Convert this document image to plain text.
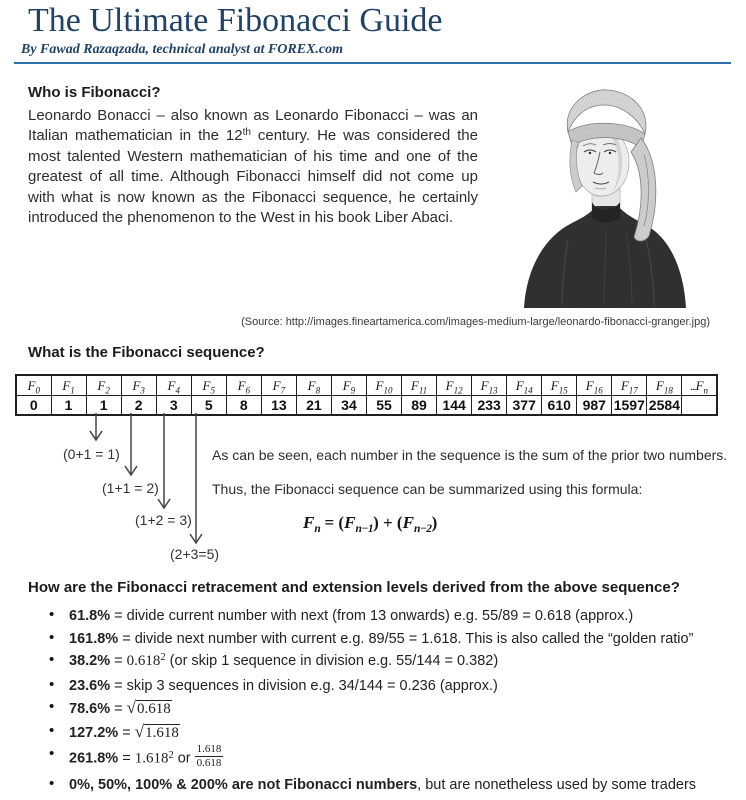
The Ultimate Fibonacci Guide

By Fawad Razaqzada, technical analyst at FOREX.com

Who is Fibonacci?

Leonardo Bonacci – also known as Leonardo Fibonacci – was an Italian mathematician in the 12th century. He was considered the most talented Western mathematician of his time and one of the greatest of all time. Although Fibonacci himself did not come up with what is now known as the Fibonacci sequence, he certainly introduced the phenomenon to the West in his book Liber Abaci.

(Source: http://images.fineartamerica.com/images-medium-large/leonardo-fibonacci-granger.jpg)
What is the Fibonacci sequence?
$F_0$	$F_1$	$F_2$	$F_3$	$F_4$	$F_5$	$F_6$	$F_7$	$F_8$	$F_9$	$F_{10}$	$F_{11}$	$F_{12}$	$F_{13}$	$F_{14}$	$F_{15}$	$F_{16}$	$F_{17}$	$F_{18}$	$...F_n$
0	1	1	2	3	5	8	13	21	34	55	89	144	233	377	610	987	1597	2584	
(0+1 = 1)
(1+1 = 2)
(1+2 = 3)
(2+3=5)
As can be seen, each number in the sequence is the sum of the prior two numbers.
Thus, the Fibonacci sequence can be summarized using this formula:
$F_n = (F_{n-1}) + (F_{n-2})$
How are the Fibonacci retracement and extension levels derived from the above sequence?
• 61.8% = divide current number with next (from 13 onwards) e.g. 55/89 = 0.618 (approx.)
• 161.8% = divide next number with current e.g. 89/55 = 1.618. This is also called the “golden ratio”
• $38.2\% = 0.618^2$ (or skip 1 sequence in division e.g. 55/144 = 0.382)
• 23.6% = skip 3 sequences in division e.g. 34/144 = 0.236 (approx.)
• 78.6% = √0.618
• 127.2% = √1.618
• $261.8\% = 1.618^2$ or $\frac{1.618}{0.618}$
• 0%, 50%, 100% & 200% are not Fibonacci numbers, but are nonetheless used by some traders
